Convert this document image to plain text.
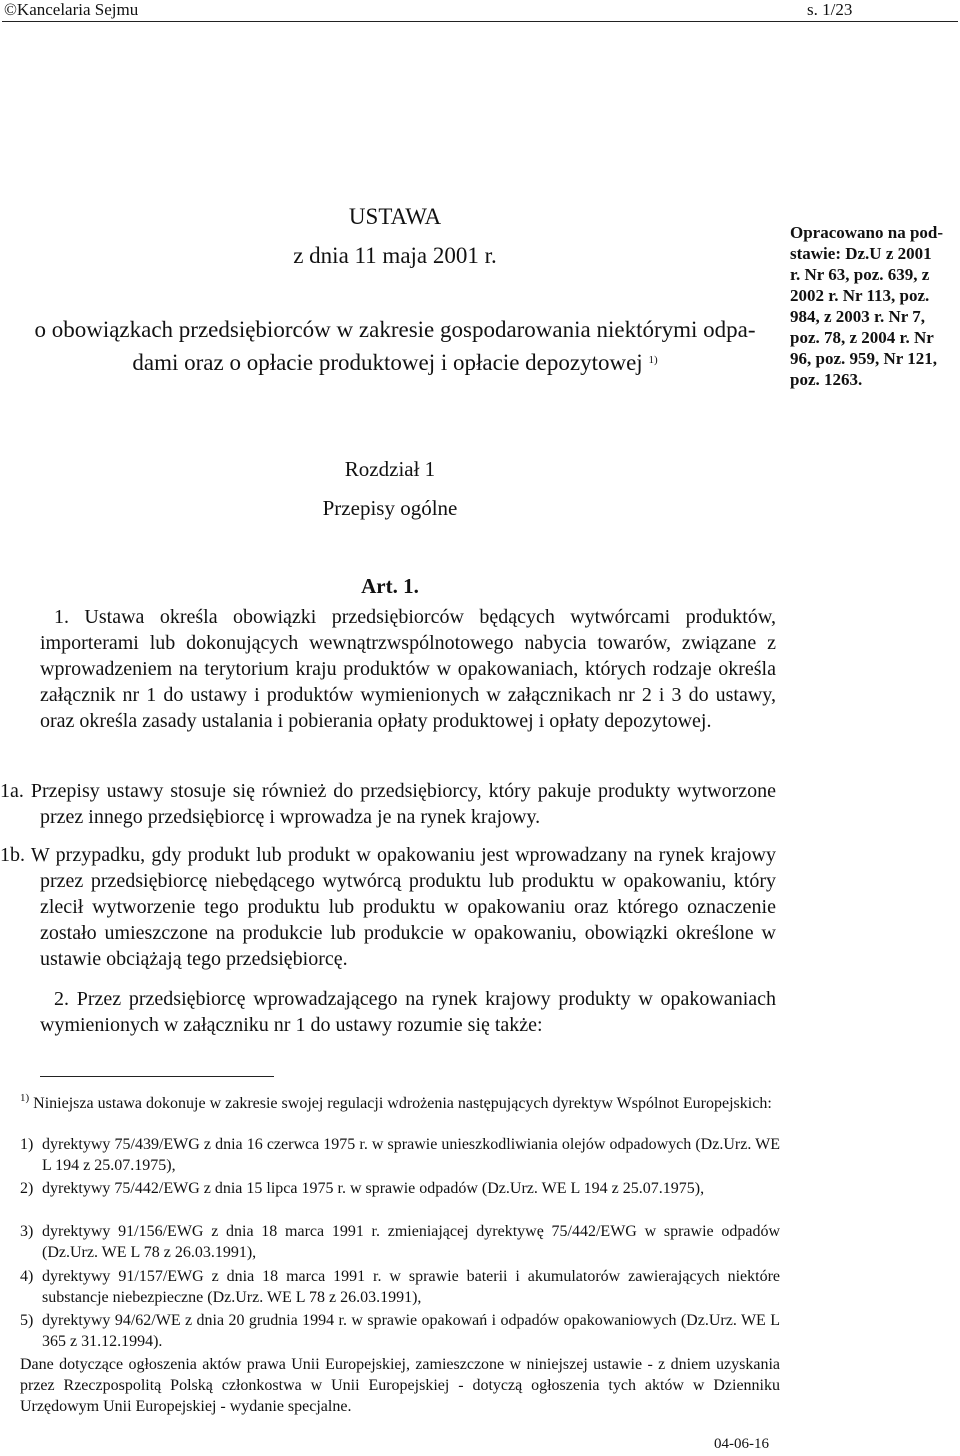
©Kancelaria Sejmu	s. 1/23
USTAWA
z dnia 11 maja 2001 r.
o obowiązkach przedsiębiorców w zakresie gospodarowania niektórymi odpa-
dami oraz o opłacie produktowej i opłacie depozytowej $^{1)}$
Opracowano na pod-
stawie: Dz.U z 2001
r. Nr 63, poz. 639, z
2002 r. Nr 113, poz.
984, z 2003 r. Nr 7,
poz. 78, z 2004 r. Nr
96, poz. 959, Nr 121,
poz. 1263.
Rozdział 1
Przepisy ogólne
Art. 1.
1. Ustawa określa obowiązki przedsiębiorców będących wytwórcami produktów, importerami lub dokonujących wewnątrzwspólnotowego nabycia towarów, związane z wprowadzeniem na terytorium kraju produktów w opakowaniach, których rodzaje określa załącznik nr 1 do ustawy i produktów wymienionych w załącznikach nr 2 i 3 do ustawy, oraz określa zasady ustalania i pobierania opłaty produktowej i opłaty depozytowej.
1a. Przepisy ustawy stosuje się również do przedsiębiorcy, który pakuje produkty wytworzone przez innego przedsiębiorcę i wprowadza je na rynek krajowy.
1b. W przypadku, gdy produkt lub produkt w opakowaniu jest wprowadzany na rynek krajowy przez przedsiębiorcę niebędącego wytwórcą produktu lub produktu w opakowaniu, który zlecił wytworzenie tego produktu lub produktu w opakowaniu oraz którego oznaczenie zostało umieszczone na produkcie lub produkcie w opakowaniu, obowiązki określone w ustawie obciążają tego przedsiębiorcę.
2. Przez przedsiębiorcę wprowadzającego na rynek krajowy produkty w opakowaniach wymienionych w załączniku nr 1 do ustawy rozumie się także:
$^{1)}$ Niniejsza ustawa dokonuje w zakresie swojej regulacji wdrożenia następujących dyrektyw Wspólnot Europejskich:
1) dyrektywy 75/439/EWG z dnia 16 czerwca 1975 r. w sprawie unieszkodliwiania olejów odpadowych (Dz.Urz. WE L 194 z 25.07.1975),
2) dyrektywy 75/442/EWG z dnia 15 lipca 1975 r. w sprawie odpadów (Dz.Urz. WE L 194 z 25.07.1975),
3) dyrektywy 91/156/EWG z dnia 18 marca 1991 r. zmieniającej dyrektywę 75/442/EWG w sprawie odpadów (Dz.Urz. WE L 78 z 26.03.1991),
4) dyrektywy 91/157/EWG z dnia 18 marca 1991 r. w sprawie baterii i akumulatorów zawierających niektóre substancje niebezpieczne (Dz.Urz. WE L 78 z 26.03.1991),
5) dyrektywy 94/62/WE z dnia 20 grudnia 1994 r. w sprawie opakowań i odpadów opakowaniowych (Dz.Urz. WE L 365 z 31.12.1994).
Dane dotyczące ogłoszenia aktów prawa Unii Europejskiej, zamieszczone w niniejszej ustawie - z dniem uzyskania przez Rzeczpospolitą Polską członkostwa w Unii Europejskiej - dotyczą ogłoszenia tych aktów w Dzienniku Urzędowym Unii Europejskiej - wydanie specjalne.
04-06-16
